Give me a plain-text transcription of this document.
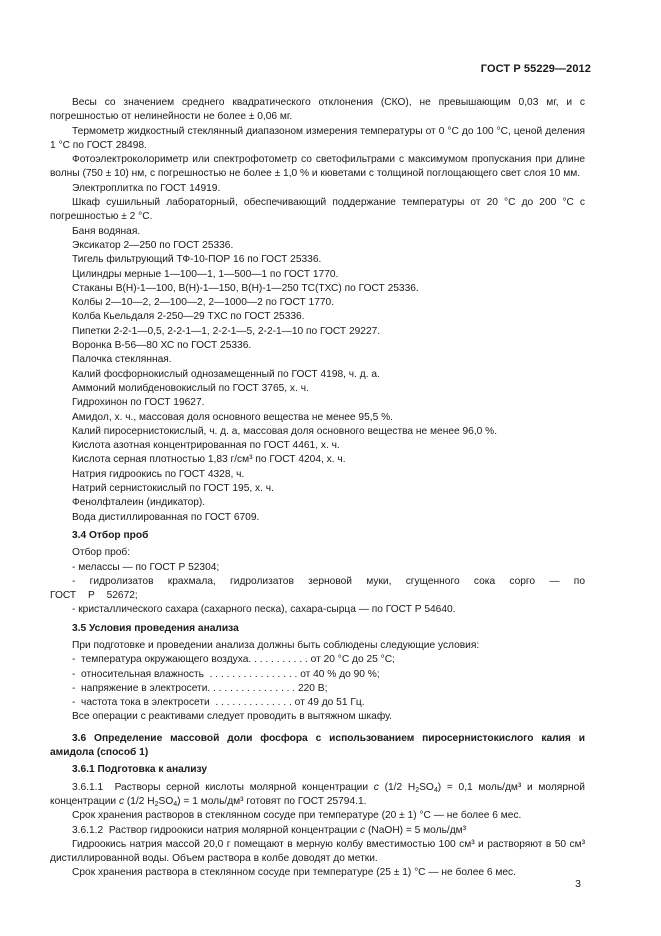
ГОСТ Р 55229—2012

Весы со значением среднего квадратического отклонения (СКО), не превышающим 0,03 мг, и с погрешностью от нелинейности не более ± 0,06 мг.

Термометр жидкостный стеклянный диапазоном измерения температуры от 0 °С до 100 °С, ценой деления 1 °С по ГОСТ 28498.

Фотоэлектроколориметр или спектрофотометр со светофильтрами с максимумом пропускания при длине волны (750 ± 10) нм, с погрешностью не более ± 1,0 % и кюветами с толщиной поглощающего свет слоя 10 мм.

Электроплитка по ГОСТ 14919.

Шкаф сушильный лабораторный, обеспечивающий поддержание температуры от 20 °С до 200 °С с погрешностью ± 2 °С.

Баня водяная.

Эксикатор 2—250 по ГОСТ 25336.

Тигель фильтрующий ТФ-10-ПОР 16 по ГОСТ 25336.

Цилиндры мерные 1—100—1, 1—500—1 по ГОСТ 1770.

Стаканы В(Н)-1—100, В(Н)-1—150, В(Н)-1—250 ТС(ТХС) по ГОСТ 25336.

Колбы 2—10—2, 2—100—2, 2—1000—2 по ГОСТ 1770.

Колба Кьельдаля 2-250—29 ТХС по ГОСТ 25336.

Пипетки 2-2-1—0,5, 2-2-1—1, 2-2-1—5, 2-2-1—10 по ГОСТ 29227.

Воронка В-56—80 ХС по ГОСТ 25336.

Палочка стеклянная.

Калий фосфорнокислый однозамещенный по ГОСТ 4198, ч. д. а.

Аммоний молибденовокислый по ГОСТ 3765, х. ч.

Гидрохинон по ГОСТ 19627.

Амидол, х. ч., массовая доля основного вещества не менее 95,5 %.

Калий пиросернистокислый, ч. д. а, массовая доля основного вещества не менее 96,0 %.

Кислота азотная концентрированная по ГОСТ 4461, х. ч.

Кислота серная плотностью 1,83 г/см³ по ГОСТ 4204, х. ч.

Натрия гидроокись по ГОСТ 4328, ч.

Натрий сернистокислый по ГОСТ 195, х. ч.

Фенолфталеин (индикатор).

Вода дистиллированная по ГОСТ 6709.

3.4 Отбор проб

Отбор проб:

- мелассы — по ГОСТ Р 52304;

- гидролизатов крахмала, гидролизатов зерновой муки, сгущенного сока сорго — по ГОСТ Р 52672;

- кристаллического сахара (сахарного песка), сахара-сырца — по ГОСТ Р 54640.

3.5 Условия проведения анализа

При подготовке и проведении анализа должны быть соблюдены следующие условия:

-  температура окружающего воздуха. . . . . . . . . . . от 20 °С до 25 °С;

-  относительная влажность  . . . . . . . . . . . . . . . . от 40 % до 90 %;

-  напряжение в электросети. . . . . . . . . . . . . . . . 220 В;

-  частота тока в электросети  . . . . . . . . . . . . . . от 49 до 51 Гц.

Все операции с реактивами следует проводить в вытяжном шкафу.

3.6 Определение массовой доли фосфора с использованием пиросернистокислого калия и амидола (способ 1)

3.6.1 Подготовка к анализу

3.6.1.1 Растворы серной кислоты молярной концентрации с (1/2 $H_2SO_4) = 0,1$ моль/дм³ и молярной концентрации с (1/2 $H_2SO_4) = 1$ моль/дм³ готовят по ГОСТ 25794.1.

Срок хранения растворов в стеклянном сосуде при температуре (20 ± 1) °С — не более 6 мес.

3.6.1.2 Раствор гидроокиси натрия молярной концентрации с (NaOH) = 5 моль/дм³

Гидроокись натрия массой 20,0 г помещают в мерную колбу вместимостью 100 см³ и растворяют в 50 см³ дистиллированной воды. Объем раствора в колбе доводят до метки.

Срок хранения раствора в стеклянном сосуде при температуре (25 ± 1) °С — не более 6 мес.

3
